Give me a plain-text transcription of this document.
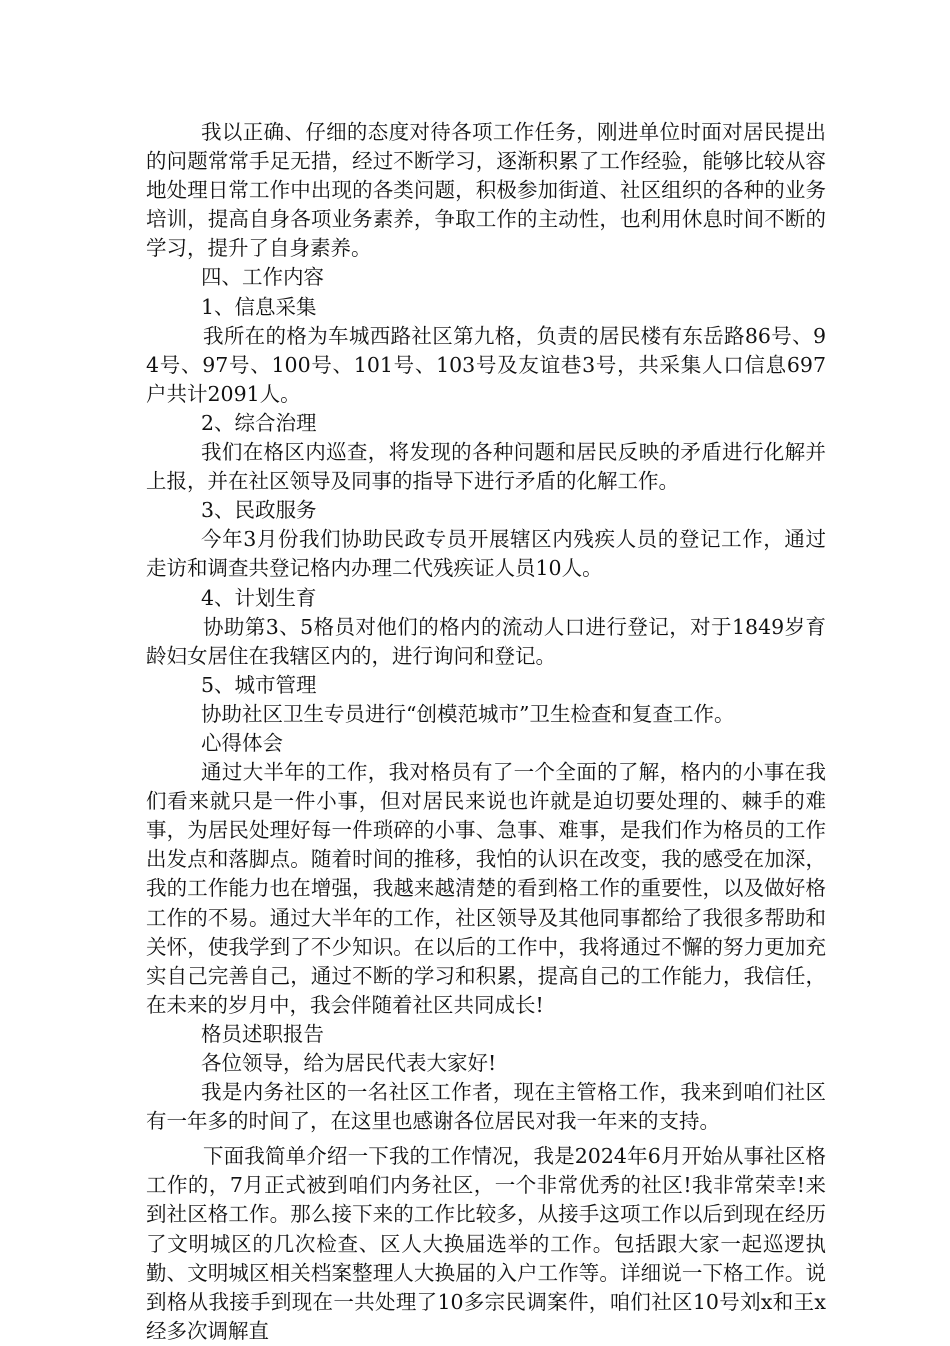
我以正确、仔细的态度对待各项工作任务，刚进单位时面对居民提出的问题常常手足无措，经过不断学习，逐渐积累了工作经验，能够比较从容地处理日常工作中出现的各类问题，积极参加街道、社区组织的各种的业务培训，提高自身各项业务素养，争取工作的主动性，也利用休息时间不断的学习，提升了自身素养。

四、工作内容

1、信息采集

我所在的格为车城西路社区第九格，负责的居民楼有东岳路86号、94号、97号、100号、101号、103号及友谊巷3号，共采集人口信息697户共计2091人。

2、综合治理

我们在格区内巡查，将发现的各种问题和居民反映的矛盾进行化解并上报，并在社区领导及同事的指导下进行矛盾的化解工作。

3、民政服务

今年3月份我们协助民政专员开展辖区内残疾人员的登记工作，通过走访和调查共登记格内办理二代残疾证人员10人。

4、计划生育

协助第3、5格员对他们的格内的流动人口进行登记，对于1849岁育龄妇女居住在我辖区内的，进行询问和登记。

5、城市管理

协助社区卫生专员进行“创模范城市”卫生检查和复查工作。

心得体会

通过大半年的工作，我对格员有了一个全面的了解，格内的小事在我们看来就只是一件小事，但对居民来说也许就是迫切要处理的、棘手的难事，为居民处理好每一件琐碎的小事、急事、难事，是我们作为格员的工作出发点和落脚点。随着时间的推移，我怕的认识在改变，我的感受在加深，我的工作能力也在增强，我越来越清楚的看到格工作的重要性，以及做好格工作的不易。通过大半年的工作，社区领导及其他同事都给了我很多帮助和关怀，使我学到了不少知识。在以后的工作中，我将通过不懈的努力更加充实自己完善自己，通过不断的学习和积累，提高自己的工作能力，我信任，在未来的岁月中，我会伴随着社区共同成长!

格员述职报告

各位领导，给为居民代表大家好!

我是内务社区的一名社区工作者，现在主管格工作，我来到咱们社区有一年多的时间了，在这里也感谢各位居民对我一年来的支持。

下面我简单介绍一下我的工作情况，我是2024年6月开始从事社区格工作的，7月正式被到咱们内务社区，一个非常优秀的社区!我非常荣幸!来到社区格工作。那么接下来的工作比较多，从接手这项工作以后到现在经历了文明城区的几次检查、区人大换届选举的工作。包括跟大家一起巡逻执勤、文明城区相关档案整理人大换届的入户工作等。详细说一下格工作。说到格从我接手到现在一共处理了10多宗民调案件，咱们社区10号刘x和王x经多次调解直
